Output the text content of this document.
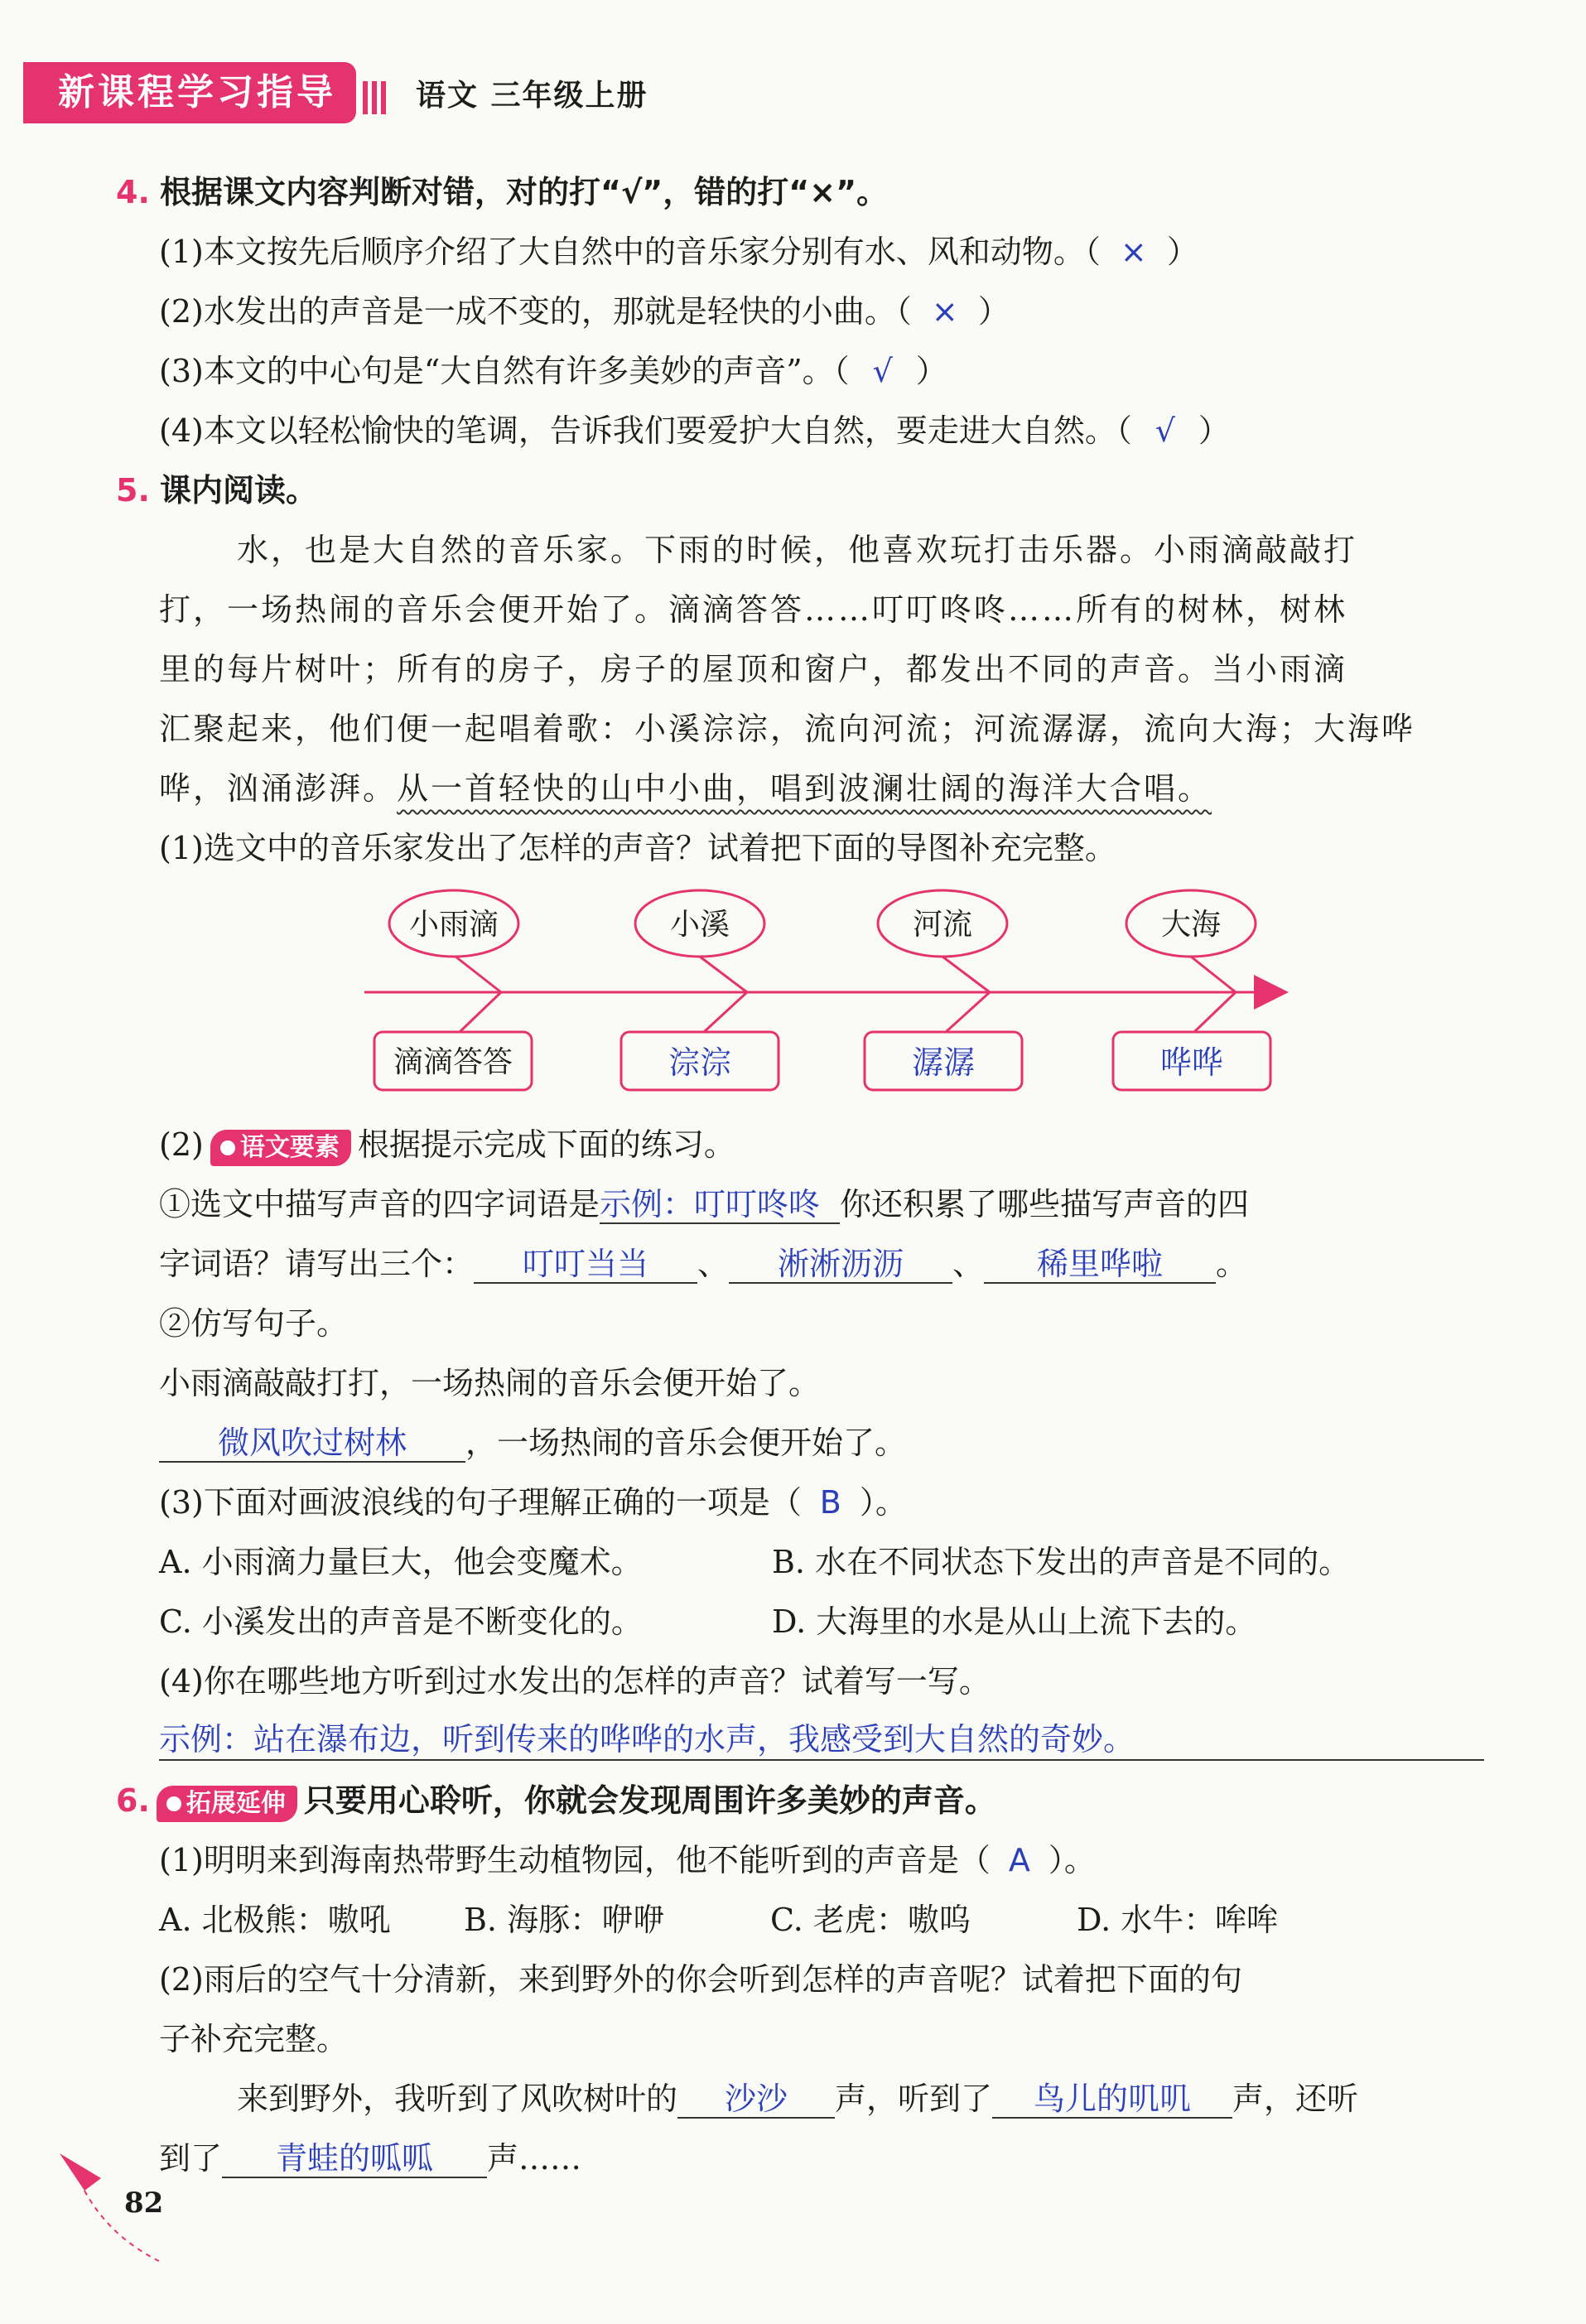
新课程学习指导	语文 三年级上册
4. 根据课文内容判断对错，对的打“√”，错的打“×”。
(1)本文按先后顺序介绍了大自然中的音乐家分别有水、风和动物。（ × ）
(2)水发出的声音是一成不变的，那就是轻快的小曲。（ × ）
(3)本文的中心句是“大自然有许多美妙的声音”。（ √ ）
(4)本文以轻松愉快的笔调，告诉我们要爱护大自然，要走进大自然。（ √ ）
5. 课内阅读。
水，也是大自然的音乐家。下雨的时候，他喜欢玩打击乐器。小雨滴敲敲打
打，一场热闹的音乐会便开始了。滴滴答答……叮叮咚咚……所有的树林，树林
里的每片树叶；所有的房子，房子的屋顶和窗户，都发出不同的声音。当小雨滴
汇聚起来，他们便一起唱着歌：小溪淙淙，流向河流；河流潺潺，流向大海；大海哗
哗，汹涌澎湃。从一首轻快的山中小曲，唱到波澜壮阔的海洋大合唱。
(1)选文中的音乐家发出了怎样的声音？试着把下面的导图补充完整。
小雨滴
滴滴答答
小溪
淙淙
河流
潺潺
大海
哗哗
(2) 语文要素 根据提示完成下面的练习。
①选文中描写声音的四字词语是示例：叮叮咚咚 你还积累了哪些描写声音的四
字词语？请写出三个： 叮叮当当 、 淅淅沥沥 、 稀里哗啦 。
②仿写句子。
小雨滴敲敲打打，一场热闹的音乐会便开始了。
微风吹过树林 ，一场热闹的音乐会便开始了。
(3)下面对画波浪线的句子理解正确的一项是（ B ）。
A. 小雨滴力量巨大，他会变魔术。	B. 水在不同状态下发出的声音是不同的。
C. 小溪发出的声音是不断变化的。	D. 大海里的水是从山上流下去的。
(4)你在哪些地方听到过水发出的怎样的声音？试着写一写。
示例：站在瀑布边，听到传来的哗哗的水声，我感受到大自然的奇妙。
6. 拓展延伸 只要用心聆听，你就会发现周围许多美妙的声音。
(1)明明来到海南热带野生动植物园，他不能听到的声音是（ A ）。
A. 北极熊：嗷吼 B. 海豚：咿咿	C. 老虎：嗷呜	D. 水牛：哞哞
(2)雨后的空气十分清新，来到野外的你会听到怎样的声音呢？试着把下面的句
子补充完整。
来到野外，我听到了风吹树叶的 沙沙 声，听到了 鸟儿的叽叽 声，还听
到了 青蛙的呱呱 声……
82
